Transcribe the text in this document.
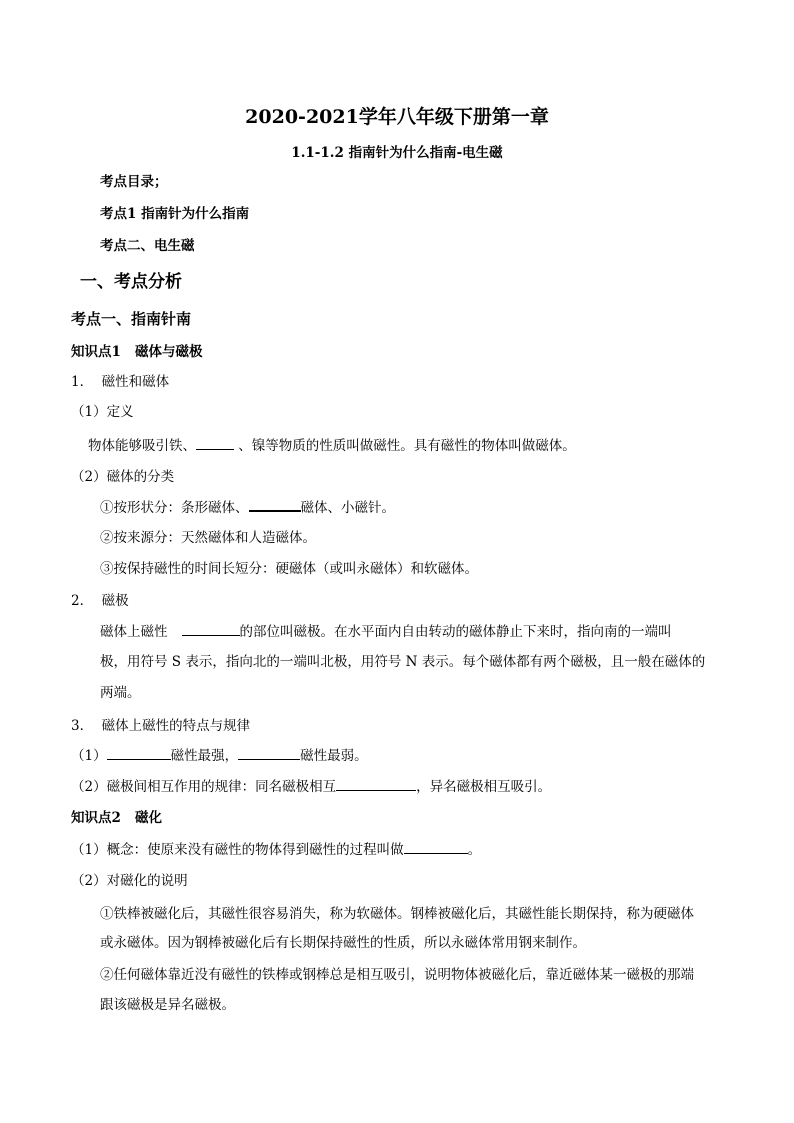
2020-2021学年八年级下册第一章
1.1-1.2 指南针为什么指南-电生磁
考点目录；
考点1 指南针为什么指南
考点二、电生磁
一、考点分析
考点一、指南针南
知识点1   磁体与磁极
1．  磁性和磁体
（1）定义
物体能够吸引铁、	、镍等物质的性质叫做磁性。具有磁性的物体叫做磁体。
（2）磁体的分类
①按形状分：条形磁体、	磁体、小磁针。
②按来源分：天然磁体和人造磁体。
③按保持磁性的时间长短分：硬磁体（或叫永磁体）和软磁体。
2．  磁极
磁体上磁性	的部位叫磁极。在水平面内自由转动的磁体静止下来时，指向南的一端叫
极，用符号 S 表示，指向北的一端叫北极，用符号 N 表示。每个磁体都有两个磁极，且一般在磁体的
两端。
3．  磁体上磁性的特点与规律
（1）	磁性最强，	磁性最弱。
（2）磁极间相互作用的规律：同名磁极相互	，异名磁极相互吸引。
知识点2   磁化
（1）概念：使原来没有磁性的物体得到磁性的过程叫做	。
（2）对磁化的说明
①铁棒被磁化后，其磁性很容易消失，称为软磁体。钢棒被磁化后，其磁性能长期保持，称为硬磁体
或永磁体。因为钢棒被磁化后有长期保持磁性的性质，所以永磁体常用钢来制作。
②任何磁体靠近没有磁性的铁棒或钢棒总是相互吸引，说明物体被磁化后，靠近磁体某一磁极的那端
跟该磁极是异名磁极。
